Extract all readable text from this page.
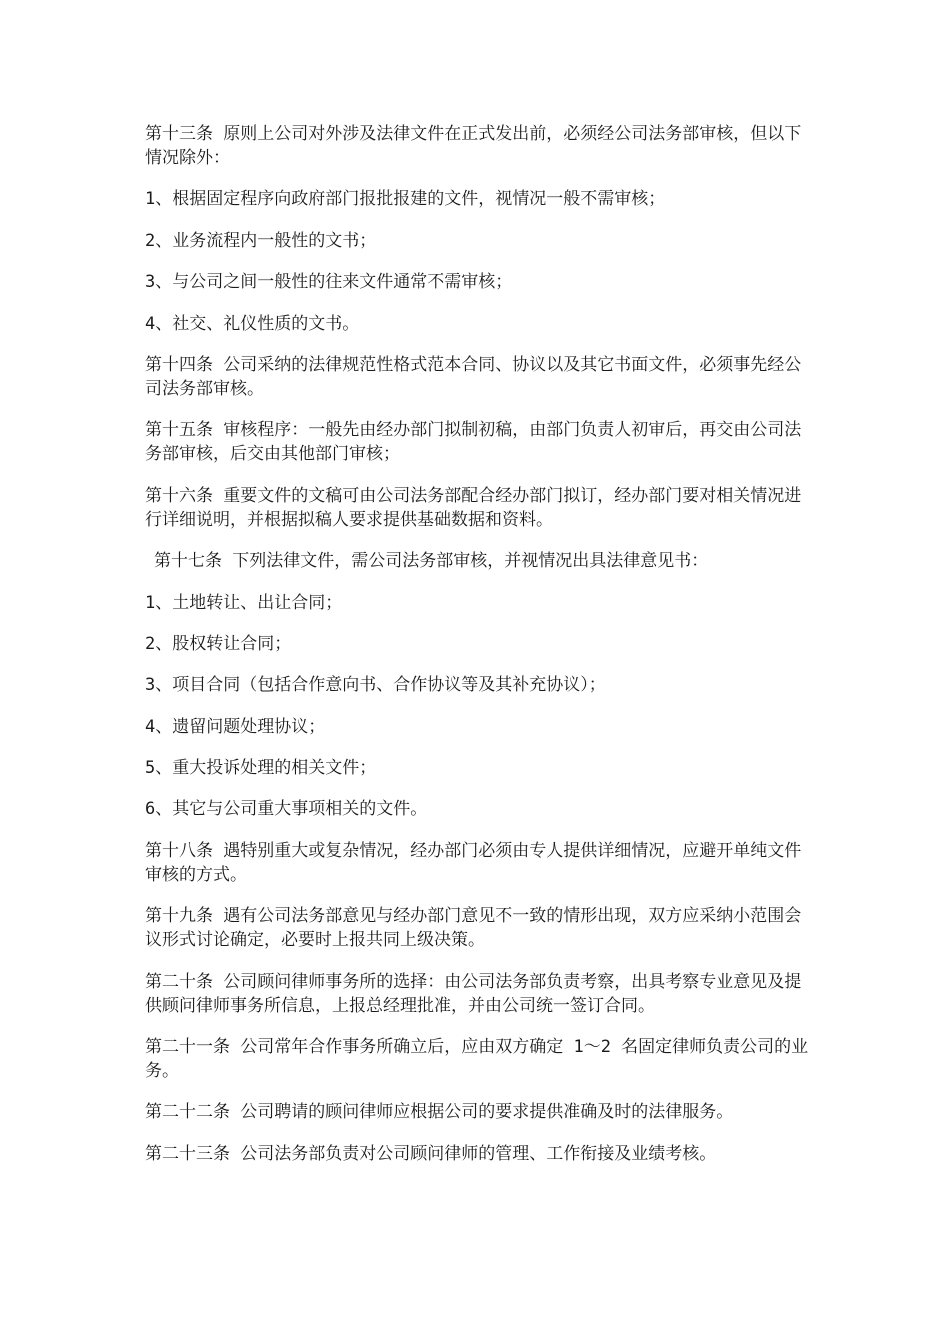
第十三条 原则上公司对外涉及法律文件在正式发出前，必须经公司法务部审核，但以下情况除外：

1、根据固定程序向政府部门报批报建的文件，视情况一般不需审核；

2、业务流程内一般性的文书；

3、与公司之间一般性的往来文件通常不需审核；

4、社交、礼仪性质的文书。

第十四条 公司采纳的法律规范性格式范本合同、协议以及其它书面文件，必须事先经公司法务部审核。

第十五条 审核程序：一般先由经办部门拟制初稿，由部门负责人初审后，再交由公司法务部审核，后交由其他部门审核；

第十六条 重要文件的文稿可由公司法务部配合经办部门拟订，经办部门要对相关情况进行详细说明，并根据拟稿人要求提供基础数据和资料。

第十七条 下列法律文件，需公司法务部审核，并视情况出具法律意见书：

1、土地转让、出让合同；

2、股权转让合同；

3、项目合同（包括合作意向书、合作协议等及其补充协议）；

4、遗留问题处理协议；

5、重大投诉处理的相关文件；

6、其它与公司重大事项相关的文件。

第十八条 遇特别重大或复杂情况，经办部门必须由专人提供详细情况，应避开单纯文件审核的方式。

第十九条 遇有公司法务部意见与经办部门意见不一致的情形出现，双方应采纳小范围会议形式讨论确定，必要时上报共同上级决策。

第二十条 公司顾问律师事务所的选择：由公司法务部负责考察，出具考察专业意见及提供顾问律师事务所信息，上报总经理批准，并由公司统一签订合同。

第二十一条 公司常年合作事务所确立后，应由双方确定 1～2 名固定律师负责公司的业务。

第二十二条 公司聘请的顾问律师应根据公司的要求提供准确及时的法律服务。

第二十三条 公司法务部负责对公司顾问律师的管理、工作衔接及业绩考核。
